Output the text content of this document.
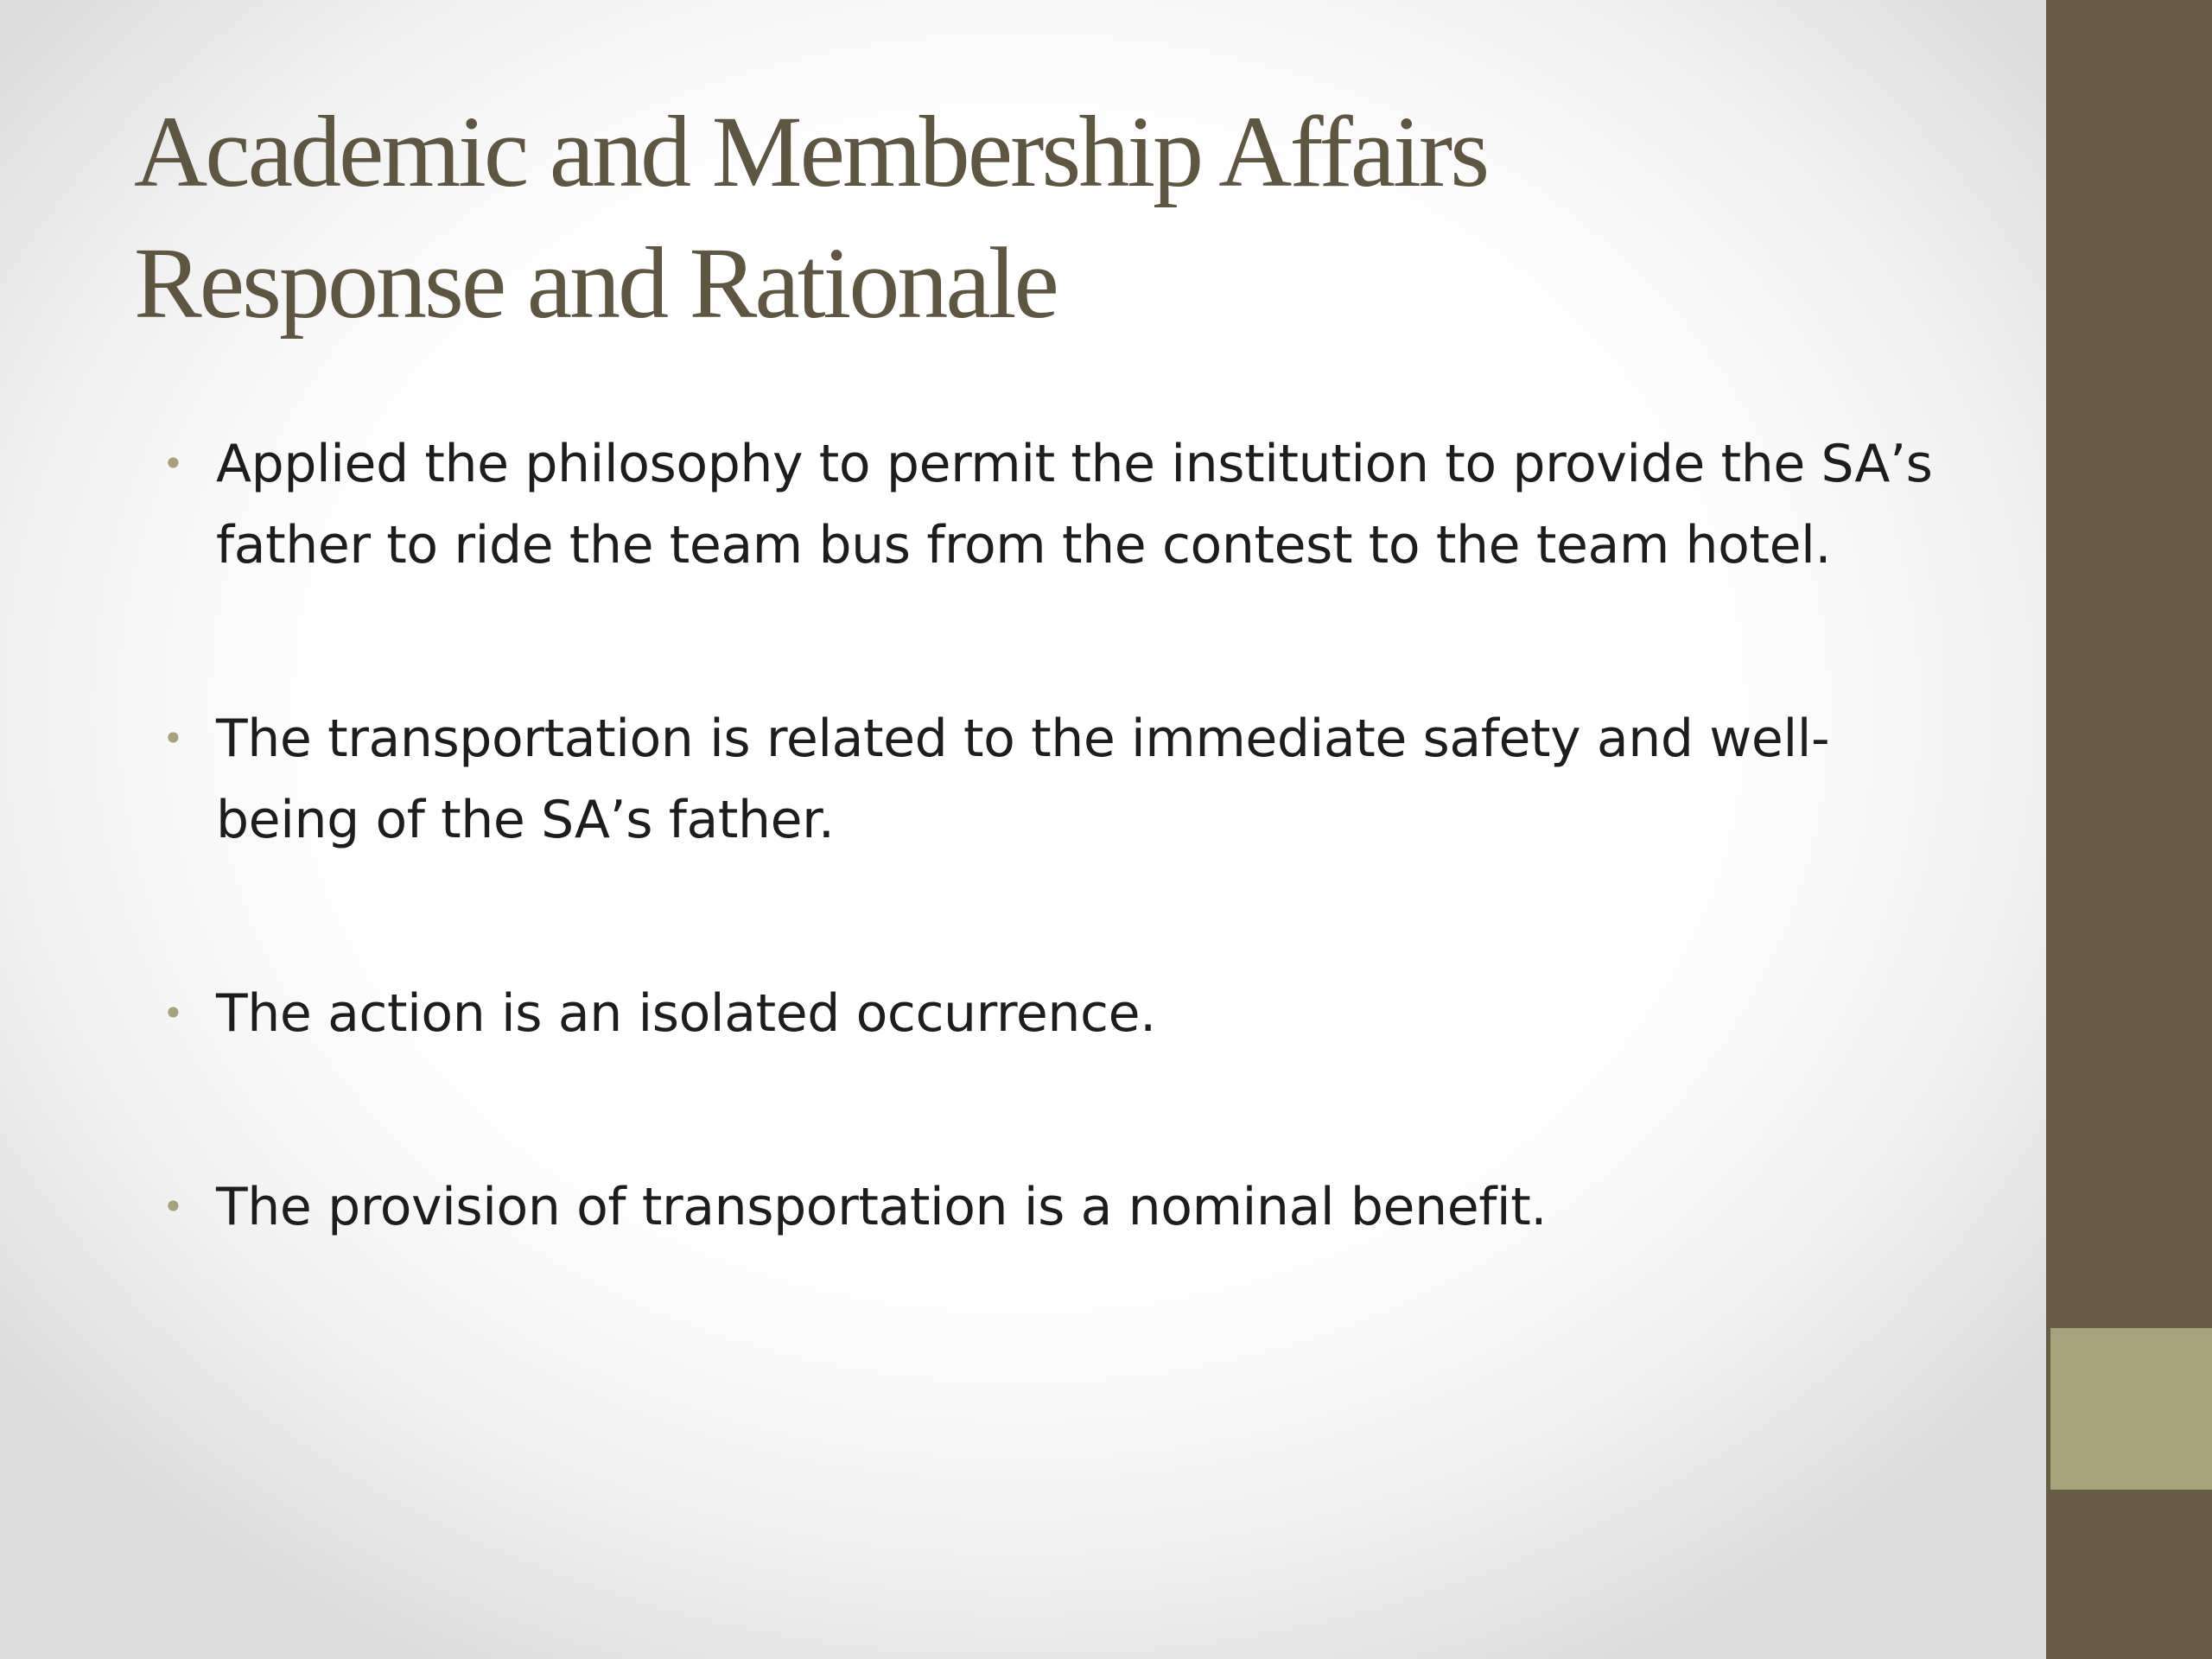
Academic and Membership Affairs
Response and Rationale
• Applied the philosophy to permit the institution to provide the SA’s father to ride the team bus from the contest to the team hotel.
• The transportation is related to the immediate safety and well-being of the SA’s father.
• The action is an isolated occurrence.
• The provision of transportation is a nominal benefit.
